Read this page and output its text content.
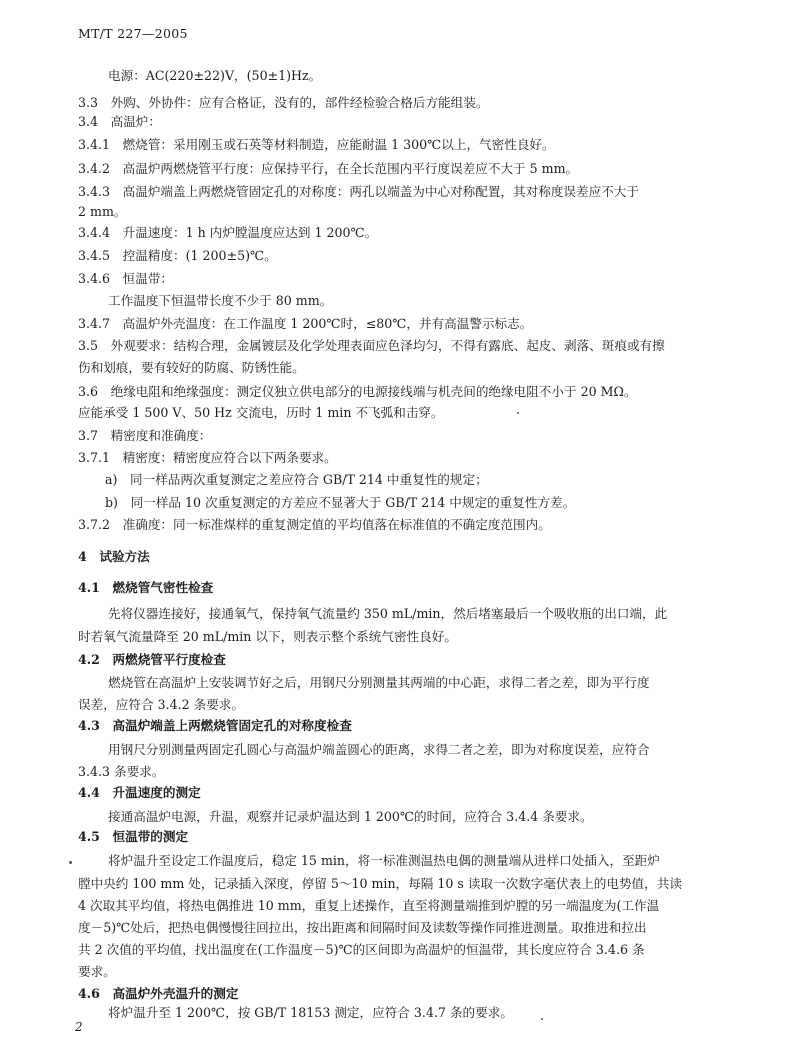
MT/T 227—2005
电源：AC(220±22)V，(50±1)Hz。
3.3　外购、外协件：应有合格证，没有的，部件经检验合格后方能组装。
3.4　高温炉：
3.4.1　燃烧管：采用刚玉或石英等材料制造，应能耐温 1 300℃以上，气密性良好。
3.4.2　高温炉两燃烧管平行度：应保持平行，在全长范围内平行度误差应不大于 5 mm。
3.4.3　高温炉端盖上两燃烧管固定孔的对称度：两孔以端盖为中心对称配置，其对称度误差应不大于
2 mm。
3.4.4　升温速度：1 h 内炉膛温度应达到 1 200℃。
3.4.5　控温精度：(1 200±5)℃。
3.4.6　恒温带：
工作温度下恒温带长度不少于 80 mm。
3.4.7　高温炉外壳温度：在工作温度 1 200℃时，≤80℃，并有高温警示标志。
3.5　外观要求：结构合理，金属镀层及化学处理表面应色泽均匀，不得有露底、起皮、剥落、斑痕或有擦
伤和划痕，要有较好的防腐、防锈性能。
3.6　绝缘电阻和绝缘强度：测定仪独立供电部分的电源接线端与机壳间的绝缘电阻不小于 20 MΩ。
应能承受 1 500 V、50 Hz 交流电，历时 1 min 不飞弧和击穿。
3.7　精密度和准确度：
3.7.1　精密度：精密度应符合以下两条要求。
a)　同一样品两次重复测定之差应符合 GB/T 214 中重复性的规定；
b)　同一样品 10 次重复测定的方差应不显著大于 GB/T 214 中规定的重复性方差。
3.7.2　准确度：同一标准煤样的重复测定值的平均值落在标准值的不确定度范围内。
4　试验方法
4.1　燃烧管气密性检查
先将仪器连接好，接通氧气，保持氧气流量约 350 mL/min，然后堵塞最后一个吸收瓶的出口端，此
时若氧气流量降至 20 mL/min 以下，则表示整个系统气密性良好。
4.2　两燃烧管平行度检查
燃烧管在高温炉上安装调节好之后，用钢尺分别测量其两端的中心距，求得二者之差，即为平行度
误差，应符合 3.4.2 条要求。
4.3　高温炉端盖上两燃烧管固定孔的对称度检查
用钢尺分别测量两固定孔圆心与高温炉端盖圆心的距离，求得二者之差，即为对称度误差，应符合
3.4.3 条要求。
4.4　升温速度的测定
接通高温炉电源，升温，观察并记录炉温达到 1 200℃的时间，应符合 3.4.4 条要求。
4.5　恒温带的测定
将炉温升至设定工作温度后，稳定 15 min，将一标准测温热电偶的测量端从进样口处插入，至距炉
膛中央约 100 mm 处，记录插入深度，停留 5～10 min，每隔 10 s 读取一次数字毫伏表上的电势值，共读
4 次取其平均值，将热电偶推进 10 mm，重复上述操作，直至将测量端推到炉膛的另一端温度为(工作温
度－5)℃处后，把热电偶慢慢往回拉出，按出距离和间隔时间及读数等操作同推进测量。取推进和拉出
共 2 次值的平均值，找出温度在(工作温度－5)℃的区间即为高温炉的恒温带，其长度应符合 3.4.6 条
要求。
4.6　高温炉外壳温升的测定
将炉温升至 1 200℃，按 GB/T 18153 测定，应符合 3.4.7 条的要求。
2
